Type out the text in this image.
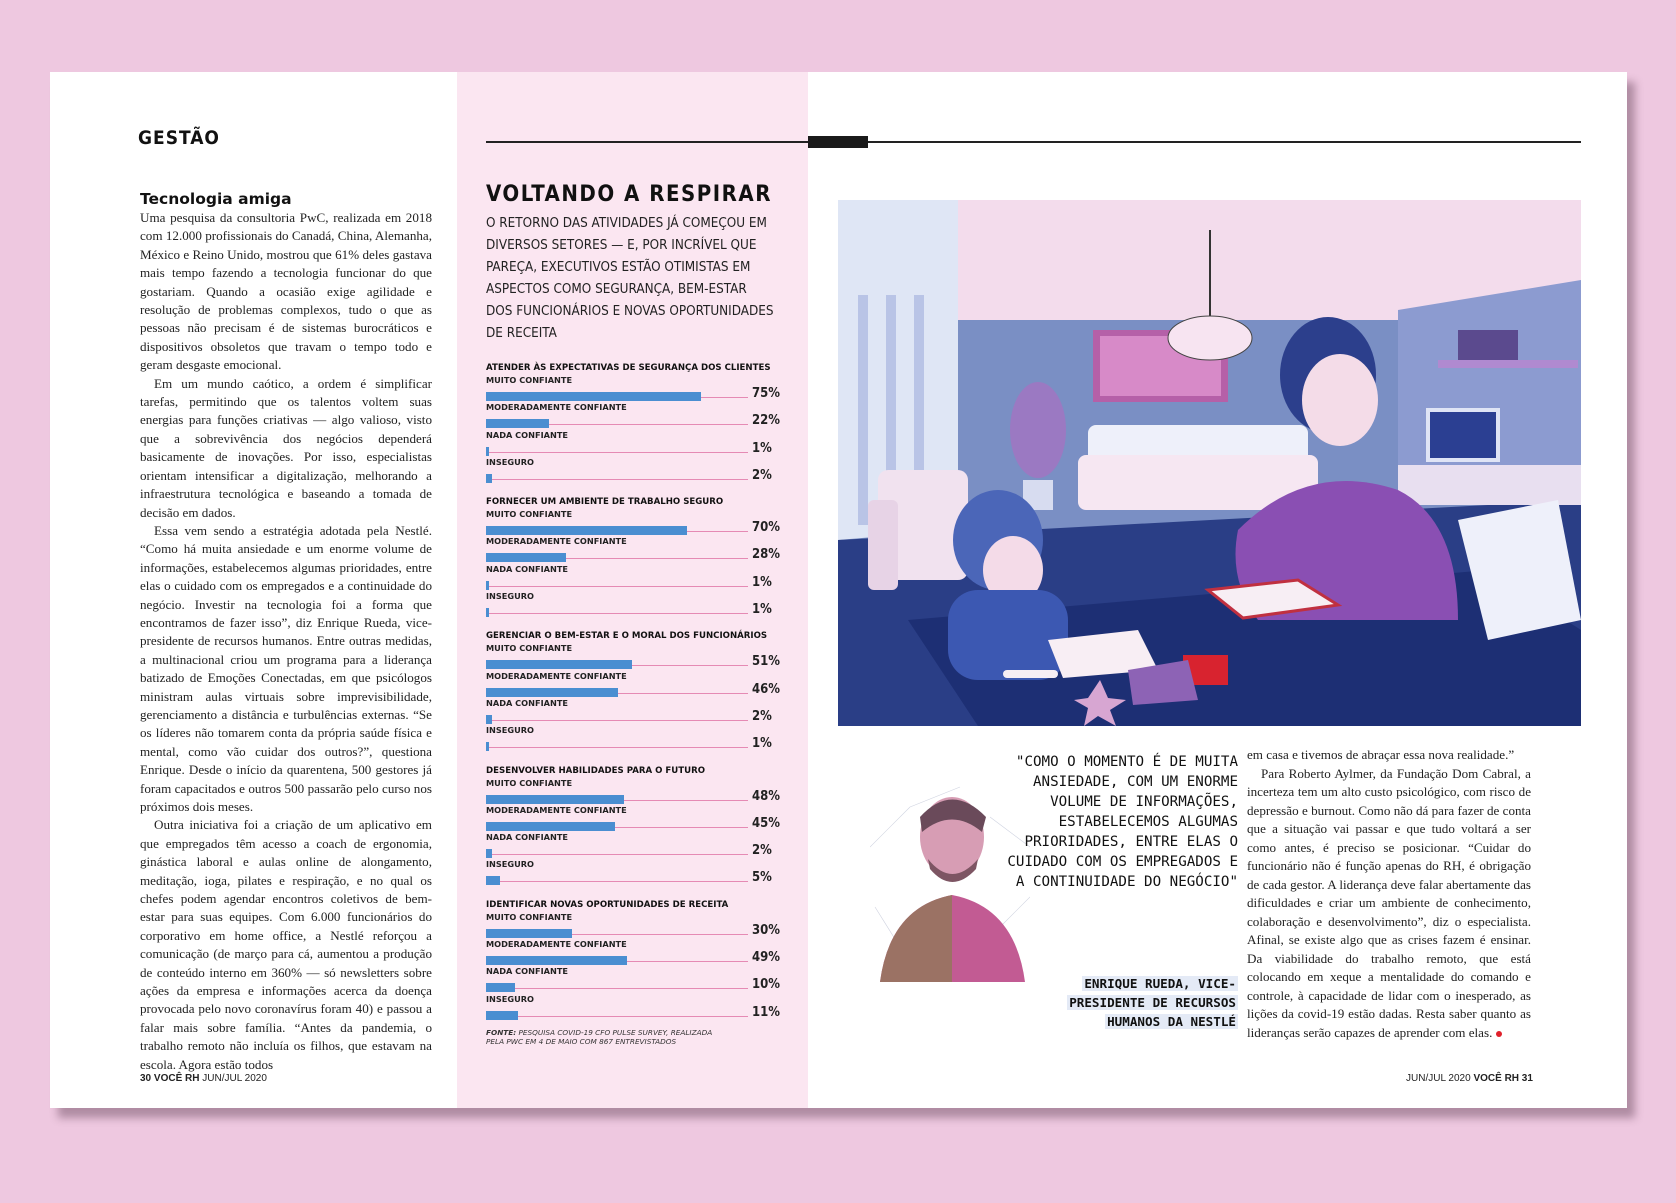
GESTÃO
Tecnologia amiga

Uma pesquisa da consultoria PwC, realizada em 2018 com 12.000 profissionais do Canadá, China, Alemanha, México e Reino Unido, mostrou que 61% deles gastava mais tempo fazendo a tecnologia funcionar do que gostariam. Quando a ocasião exige agilidade e resolução de problemas complexos, tudo o que as pessoas não precisam é de sistemas burocráticos e dispositivos obsoletos que travam o tempo todo e geram desgaste emocional.

Em um mundo caótico, a ordem é simplificar tarefas, permitindo que os talentos voltem suas energias para funções criativas — algo valioso, visto que a sobrevivência dos negócios dependerá basicamente de inovações. Por isso, especialistas orientam intensificar a digitalização, melhorando a infraestrutura tecnológica e baseando a tomada de decisão em dados.

Essa vem sendo a estratégia adotada pela Nestlé. “Como há muita ansiedade e um enorme volume de informações, estabelecemos algumas prioridades, entre elas o cuidado com os empregados e a continuidade do negócio. Investir na tecnologia foi a forma que encontramos de fazer isso”, diz Enrique Rueda, vice-presidente de recursos humanos. Entre outras medidas, a multinacional criou um programa para a liderança batizado de Emoções Conectadas, em que psicólogos ministram aulas virtuais sobre imprevisibilidade, gerenciamento a distância e turbulências externas. “Se os líderes não tomarem conta da própria saúde física e mental, como vão cuidar dos outros?”, questiona Enrique. Desde o início da quarentena, 500 gestores já foram capacitados e outros 500 passarão pelo curso nos próximos dois meses.

Outra iniciativa foi a criação de um aplicativo em que empregados têm acesso a coach de ergonomia, ginástica laboral e aulas online de alongamento, meditação, ioga, pilates e respiração, e no qual os chefes podem agendar encontros coletivos de bem-estar para suas equipes. Com 6.000 funcionários do corporativo em home office, a Nestlé reforçou a comunicação (de março para cá, aumentou a produção de conteúdo interno em 360% — só newsletters sobre ações da empresa e informações acerca da doença provocada pelo novo coronavírus foram 40) e passou a falar mais sobre família. “Antes da pandemia, o trabalho remoto não incluía os filhos, que estavam na escola. Agora estão todos

30 VOCÊ RH JUN/JUL 2020
VOLTANDO A RESPIRAR
O RETORNO DAS ATIVIDADES JÁ COMEÇOU EM DIVERSOS SETORES — E, POR INCRÍVEL QUE PAREÇA, EXECUTIVOS ESTÃO OTIMISTAS EM ASPECTOS COMO SEGURANÇA, BEM-ESTAR DOS FUNCIONÁRIOS E NOVAS OPORTUNIDADES DE RECEITA
ATENDER ÀS EXPECTATIVAS DE SEGURANÇA DOS CLIENTES
MUITO CONFIANTE
75%
MODERADAMENTE CONFIANTE
22%
NADA CONFIANTE
1%
INSEGURO
2%
FORNECER UM AMBIENTE DE TRABALHO SEGURO
MUITO CONFIANTE
70%
MODERADAMENTE CONFIANTE
28%
NADA CONFIANTE
1%
INSEGURO
1%
GERENCIAR O BEM-ESTAR E O MORAL DOS FUNCIONÁRIOS
MUITO CONFIANTE
51%
MODERADAMENTE CONFIANTE
46%
NADA CONFIANTE
2%
INSEGURO
1%
DESENVOLVER HABILIDADES PARA O FUTURO
MUITO CONFIANTE
48%
MODERADAMENTE CONFIANTE
45%
NADA CONFIANTE
2%
INSEGURO
5%
IDENTIFICAR NOVAS OPORTUNIDADES DE RECEITA
MUITO CONFIANTE
30%
MODERADAMENTE CONFIANTE
49%
NADA CONFIANTE
10%
INSEGURO
11%
FONTE: PESQUISA COVID-19 CFO PULSE SURVEY, REALIZADA PELA PWC EM 4 DE MAIO COM 867 ENTREVISTADOS
"COMO O MOMENTO É DE MUITA ANSIEDADE, COM UM ENORME VOLUME DE INFORMAÇÕES, ESTABELECEMOS ALGUMAS PRIORIDADES, ENTRE ELAS O CUIDADO COM OS EMPREGADOS E A CONTINUIDADE DO NEGÓCIO"
ENRIQUE RUEDA, VICE-
PRESIDENTE DE RECURSOS
HUMANOS DA NESTLÉ

em casa e tivemos de abraçar essa nova realidade.”

Para Roberto Aylmer, da Fundação Dom Cabral, a incerteza tem um alto custo psicológico, com risco de depressão e burnout. Como não dá para fazer de conta que a situação vai passar e que tudo voltará a ser como antes, é preciso se posicionar. “Cuidar do funcionário não é função apenas do RH, é obrigação de cada gestor. A liderança deve falar abertamente das dificuldades e criar um ambiente de conhecimento, colaboração e desenvolvimento”, diz o especialista. Afinal, se existe algo que as crises fazem é ensinar. Da viabilidade do trabalho remoto, que está colocando em xeque a mentalidade do comando e controle, à capacidade de lidar com o inesperado, as lições da covid-19 estão dadas. Resta saber quanto as lideranças serão capazes de aprender com elas.

JUN/JUL 2020 VOCÊ RH 31
